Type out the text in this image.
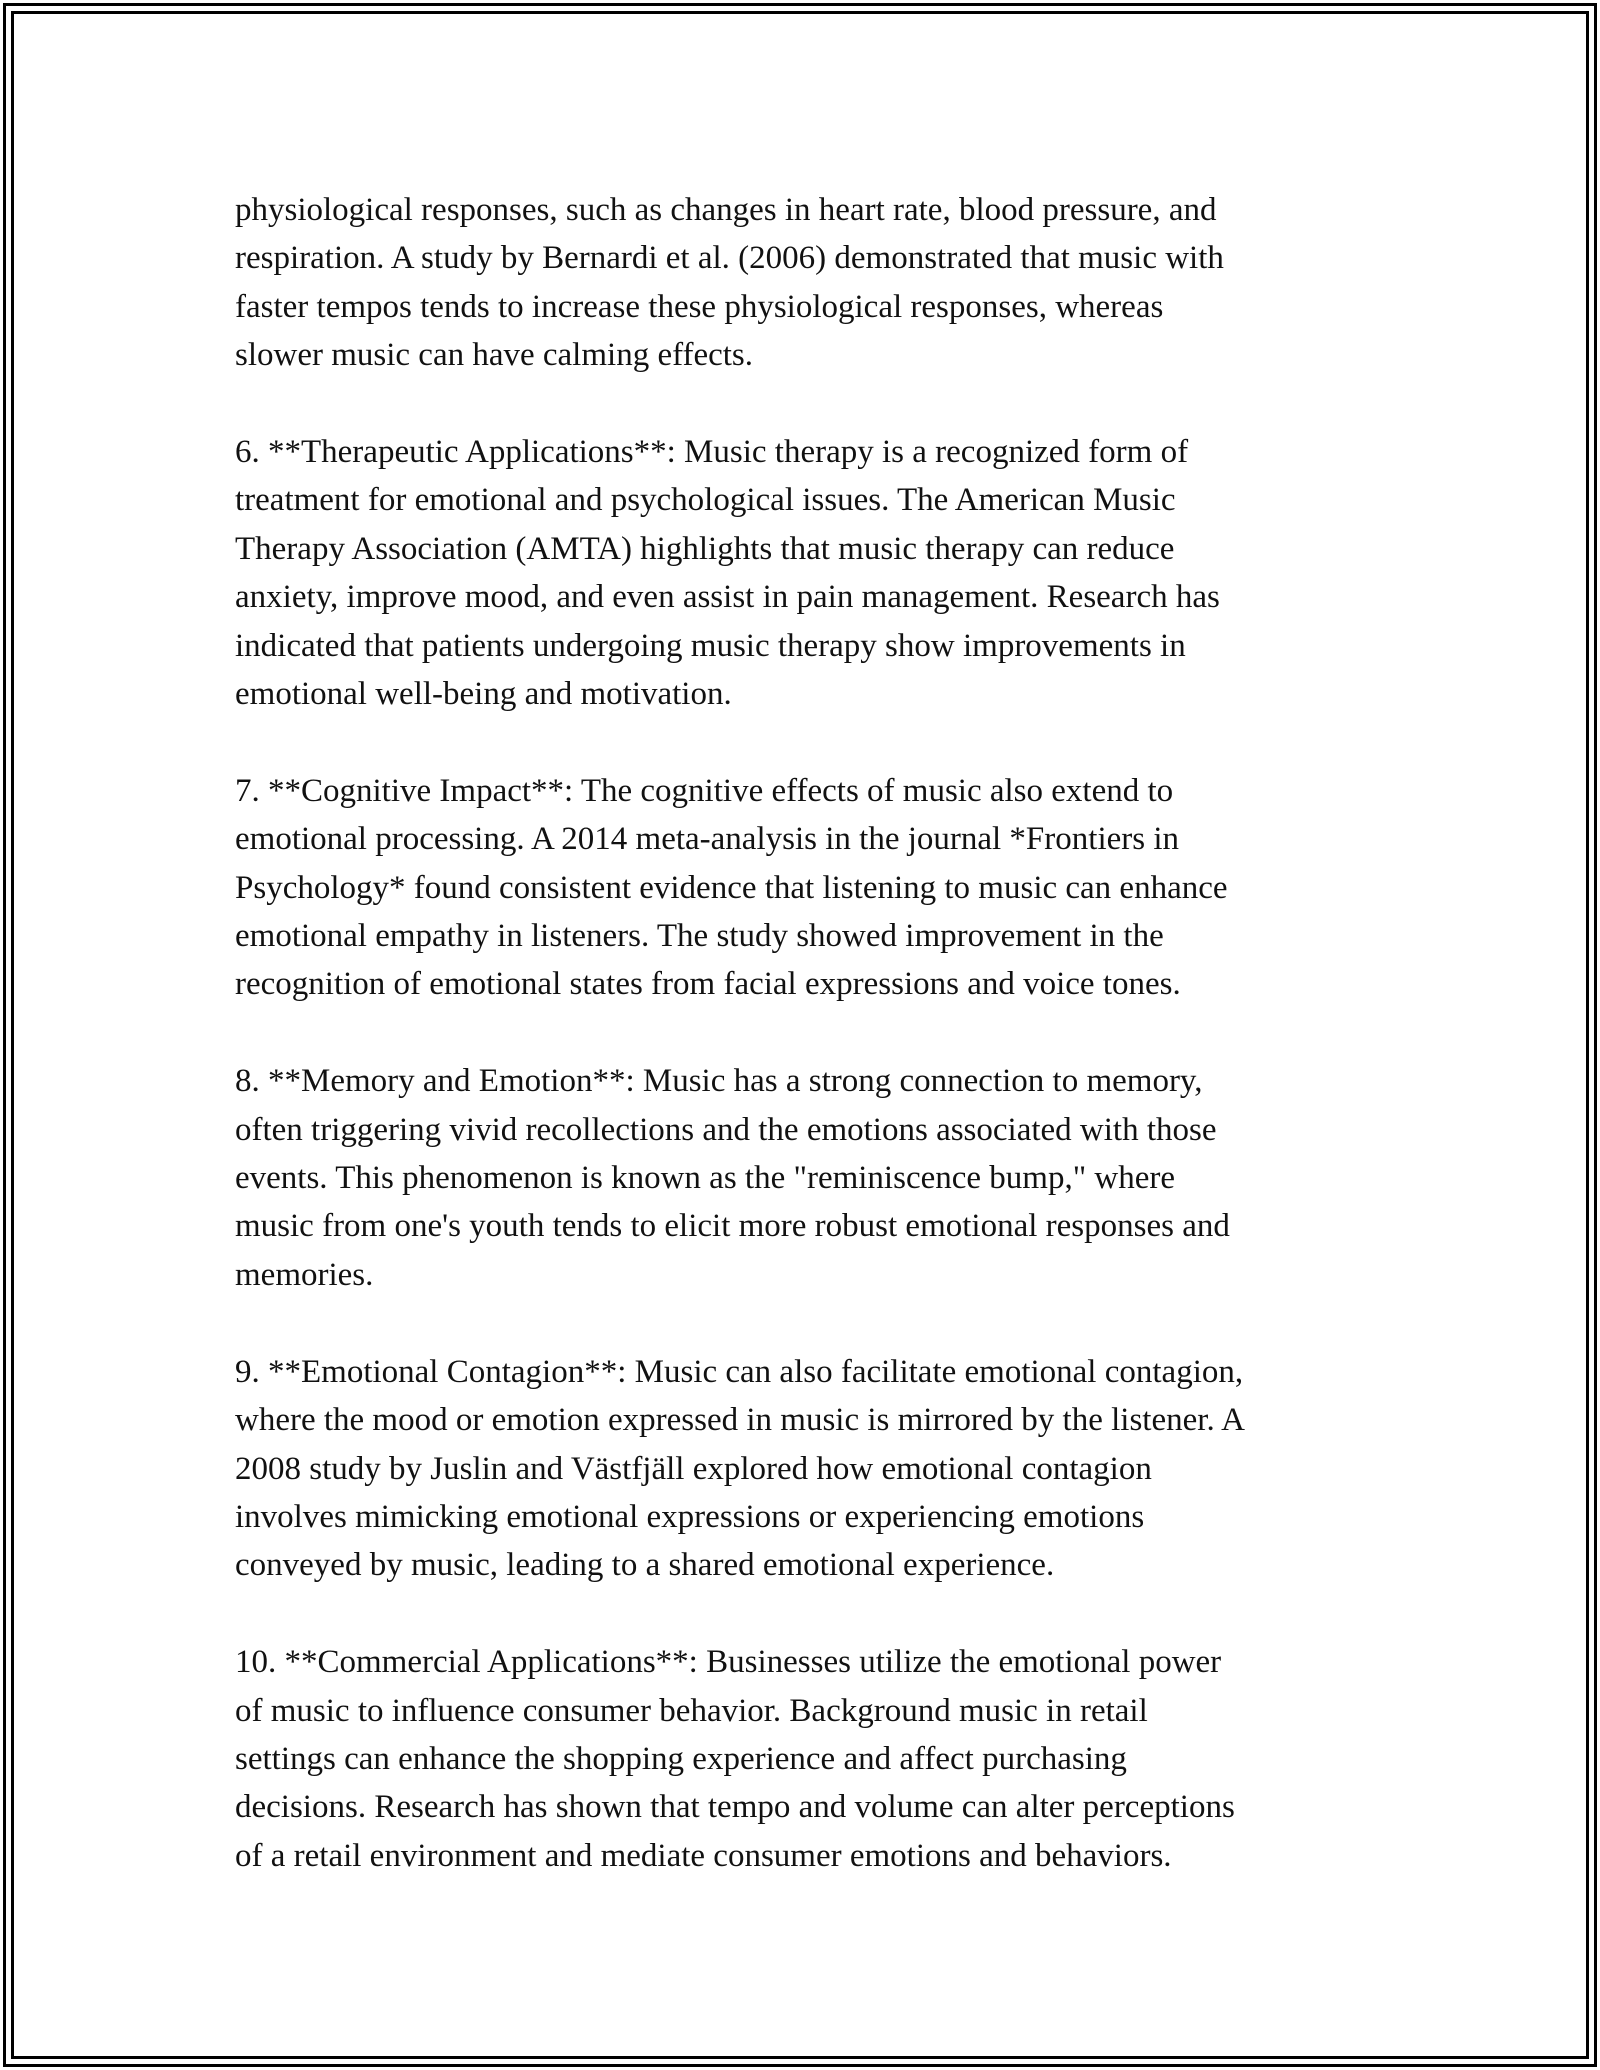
physiological responses, such as changes in heart rate, blood pressure, and
respiration. A study by Bernardi et al. (2006) demonstrated that music with
faster tempos tends to increase these physiological responses, whereas
slower music can have calming effects.

6. **Therapeutic Applications**: Music therapy is a recognized form of
treatment for emotional and psychological issues. The American Music
Therapy Association (AMTA) highlights that music therapy can reduce
anxiety, improve mood, and even assist in pain management. Research has
indicated that patients undergoing music therapy show improvements in
emotional well-being and motivation.

7. **Cognitive Impact**: The cognitive effects of music also extend to
emotional processing. A 2014 meta-analysis in the journal *Frontiers in
Psychology* found consistent evidence that listening to music can enhance
emotional empathy in listeners. The study showed improvement in the
recognition of emotional states from facial expressions and voice tones.

8. **Memory and Emotion**: Music has a strong connection to memory,
often triggering vivid recollections and the emotions associated with those
events. This phenomenon is known as the "reminiscence bump," where
music from one's youth tends to elicit more robust emotional responses and
memories.

9. **Emotional Contagion**: Music can also facilitate emotional contagion,
where the mood or emotion expressed in music is mirrored by the listener. A
2008 study by Juslin and Västfjäll explored how emotional contagion
involves mimicking emotional expressions or experiencing emotions
conveyed by music, leading to a shared emotional experience.

10. **Commercial Applications**: Businesses utilize the emotional power
of music to influence consumer behavior. Background music in retail
settings can enhance the shopping experience and affect purchasing
decisions. Research has shown that tempo and volume can alter perceptions
of a retail environment and mediate consumer emotions and behaviors.
